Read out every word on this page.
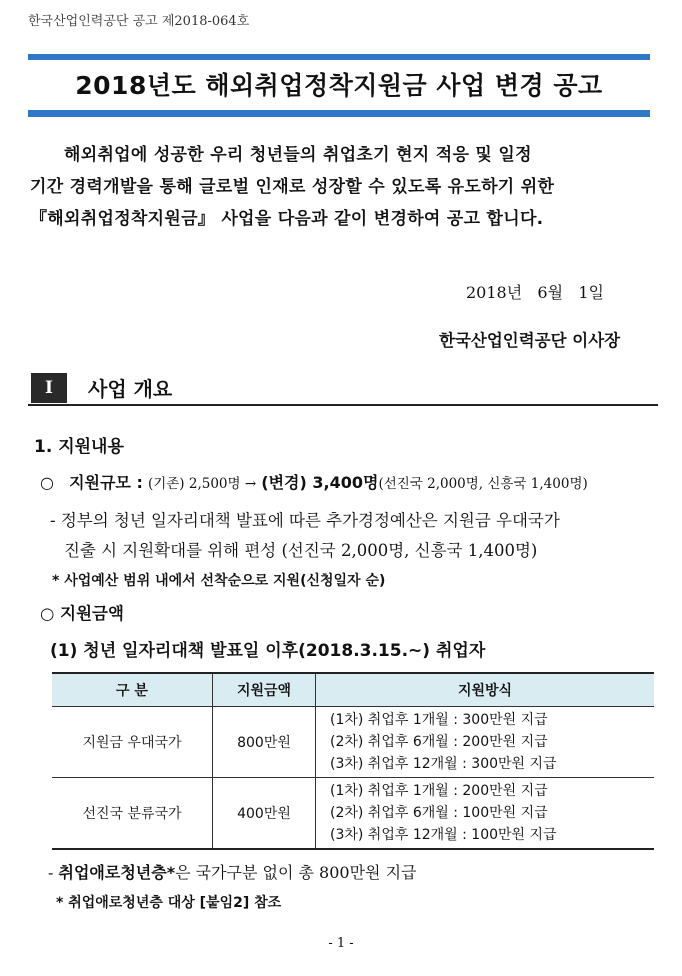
한국산업인력공단 공고 제2018-064호
2018년도 해외취업정착지원금 사업 변경 공고
해외취업에 성공한 우리 청년들의 취업초기 현지 적응 및 일정
기간 경력개발을 통해 글로벌 인재로 성장할 수 있도록 유도하기 위한
『해외취업정착지원금』 사업을 다음과 같이 변경하여 공고 합니다.
2018년   6월   1일
한국산업인력공단 이사장
Ⅰ	사업 개요
1. 지원내용
○ 지원규모 : (기존) 2,500명 → (변경) 3,400명(선진국 2,000명, 신흥국 1,400명)
- 정부의 청년 일자리대책 발표에 따른 추가경정예산은 지원금 우대국가
진출 시 지원확대를 위해 편성 (선진국 2,000명, 신흥국 1,400명)
* 사업예산 범위 내에서 선착순으로 지원(신청일자 순)
○ 지원금액
(1) 청년 일자리대책 발표일 이후(2018.3.15.~) 취업자
구 분	지원금액	지원방식
지원금 우대국가	800만원	(1차) 취업후 1개월 : 300만원 지급
(2차) 취업후 6개월 : 200만원 지급
(3차) 취업후 12개월 : 300만원 지급

선진국 분류국가	400만원	(1차) 취업후 1개월 : 200만원 지급
(2차) 취업후 6개월 : 100만원 지급
(3차) 취업후 12개월 : 100만원 지급
- 취업애로청년층*은 국가구분 없이 총 800만원 지급
* 취업애로청년층 대상 [붙임2] 참조
- 1 -
